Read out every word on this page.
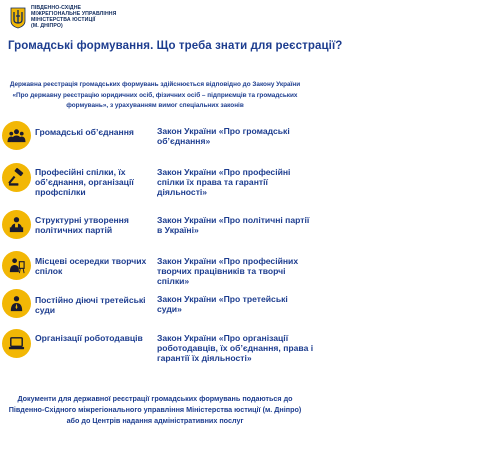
ПІВДЕННО-СХІДНЕ
МІЖРЕГІОНАЛЬНЕ УПРАВЛІННЯ
МІНІСТЕРСТВА ЮСТИЦІЇ
(М. ДНІПРО)
Громадські формування. Що треба знати для реєстрації?
Державна реєстрація громадських формувань здійснюється відповідно до Закону України «Про державну реєстрацію юридичних осіб, фізичних осіб – підприємців та громадських формувань», з урахуванням вимог спеціальних законів
Громадські об’єднання	Закон України «Про громадські об’єднання»
Професійні спілки, їх об’єднання, організації профспілки
Закон України «Про професійні спілки їх права та гарантії діяльності»
Структурні утворення політичних партій
Закон України «Про політичні партії в Україні»
Місцеві осередки творчих спілок
Закон України «Про професійних творчих працівників та творчі спілки»
Постійно діючі третейські суди
Закон України «Про третейські суди»
Організації роботодавців	Закон України «Про організації роботодавців, їх об’єднання, права і гарантії їх діяльності»
Документи для державної реєстрації громадських формувань подаються до Південно-Східного міжрегіонального управління Міністерства юстиції (м. Дніпро) або до Центрів надання адміністративних послуг
